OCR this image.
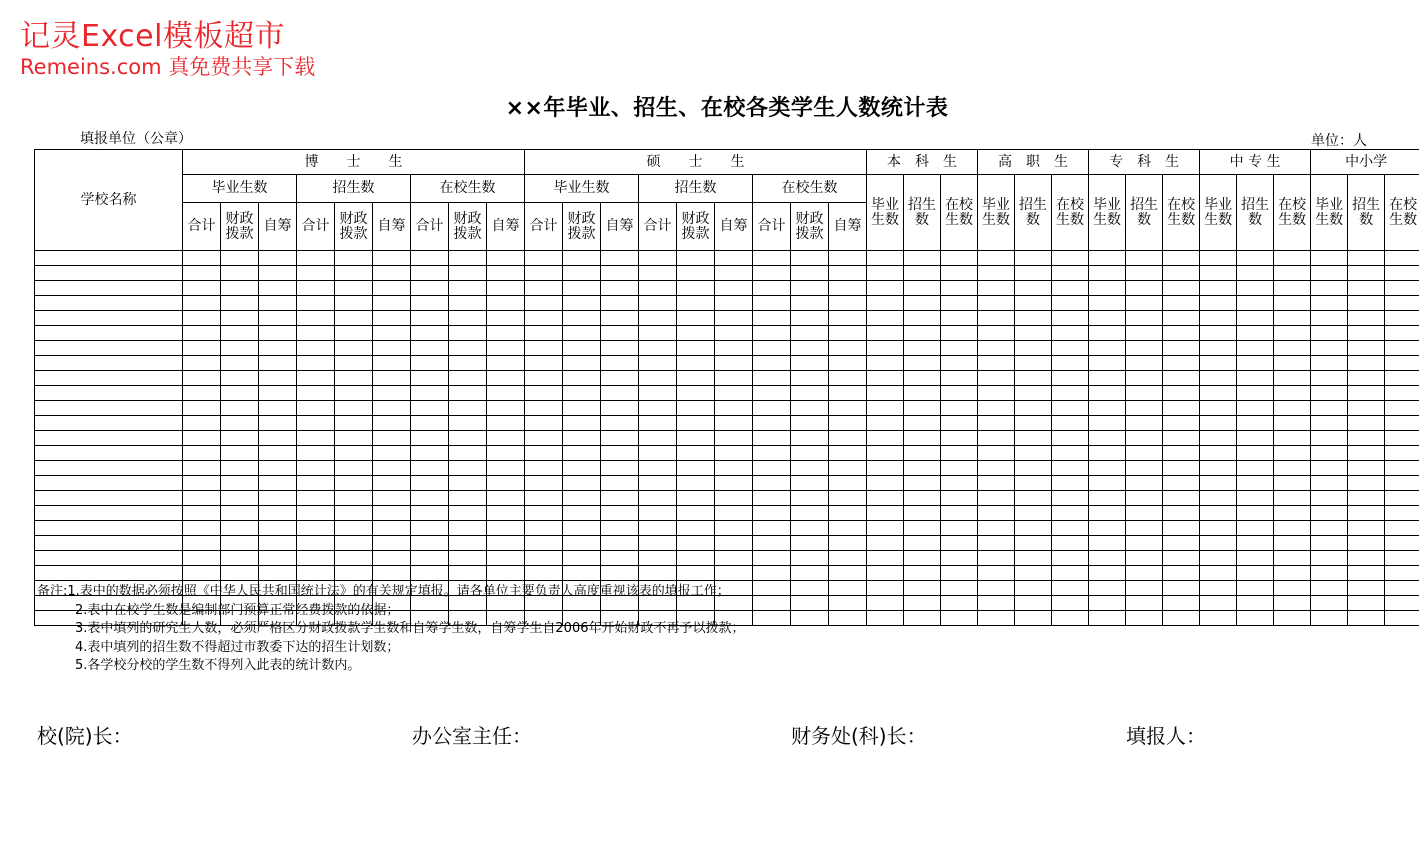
记灵Excel模板超市
Remeins.com 真免费共享下载
××年毕业、招生、在校各类学生人数统计表
填报单位（公章）	单位：人
学校名称	博　　士　　生									硕　　士　　生									本　科　生			高　职　生			专　科　生			中 专 生			中小学					
	毕业生数			招生数			在校生数			毕业生数			招生数			在校生数			毕业生数	招生数	在校生数	毕业生数	招生数	在校生数	毕业生数	招生数	在校生数	毕业生数	招生数	在校生数	毕业生数	招生数	在校生数			
	合计	财政拨款	自筹	合计	财政拨款	自筹	合计	财政拨款	自筹	合计	财政拨款	自筹	合计	财政拨款	自筹	合计	财政拨款	自筹																		

备注:1.表中的数据必须按照《中华人民共和国统计法》的有关规定填报。请各单位主要负责人高度重视该表的填报工作；
2.表中在校学生数是编制部门预算正常经费拨款的依据；
3.表中填列的研究生人数，必须严格区分财政拨款学生数和自筹学生数，自筹学生自2006年开始财政不再予以拨款；
4.表中填列的招生数不得超过市教委下达的招生计划数；
5.各学校分校的学生数不得列入此表的统计数内。
校(院)长：	办公室主任：	财务处(科)长：	填报人：
